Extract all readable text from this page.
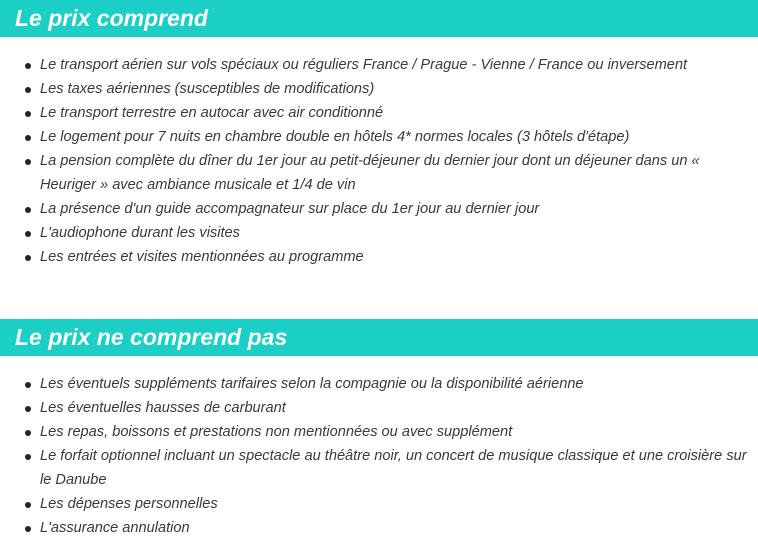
Le prix comprend
Le transport aérien sur vols spéciaux ou réguliers France / Prague - Vienne / France ou inversement
Les taxes aériennes (susceptibles de modifications)
Le transport terrestre en autocar avec air conditionné
Le logement pour 7 nuits en chambre double en hôtels 4* normes locales (3 hôtels d'étape)
La pension complète du dîner du 1er jour au petit-déjeuner du dernier jour dont un déjeuner dans un « Heuriger » avec ambiance musicale et 1/4 de vin
La présence d'un guide accompagnateur sur place du 1er jour au dernier jour
L'audiophone durant les visites
Les entrées et visites mentionnées au programme
Le prix ne comprend pas
Les éventuels suppléments tarifaires selon la compagnie ou la disponibilité aérienne
Les éventuelles hausses de carburant
Les repas, boissons et prestations non mentionnées ou avec supplément
Le forfait optionnel incluant un spectacle au théâtre noir, un concert de musique classique et une croisière sur le Danube
Les dépenses personnelles
L'assurance annulation
